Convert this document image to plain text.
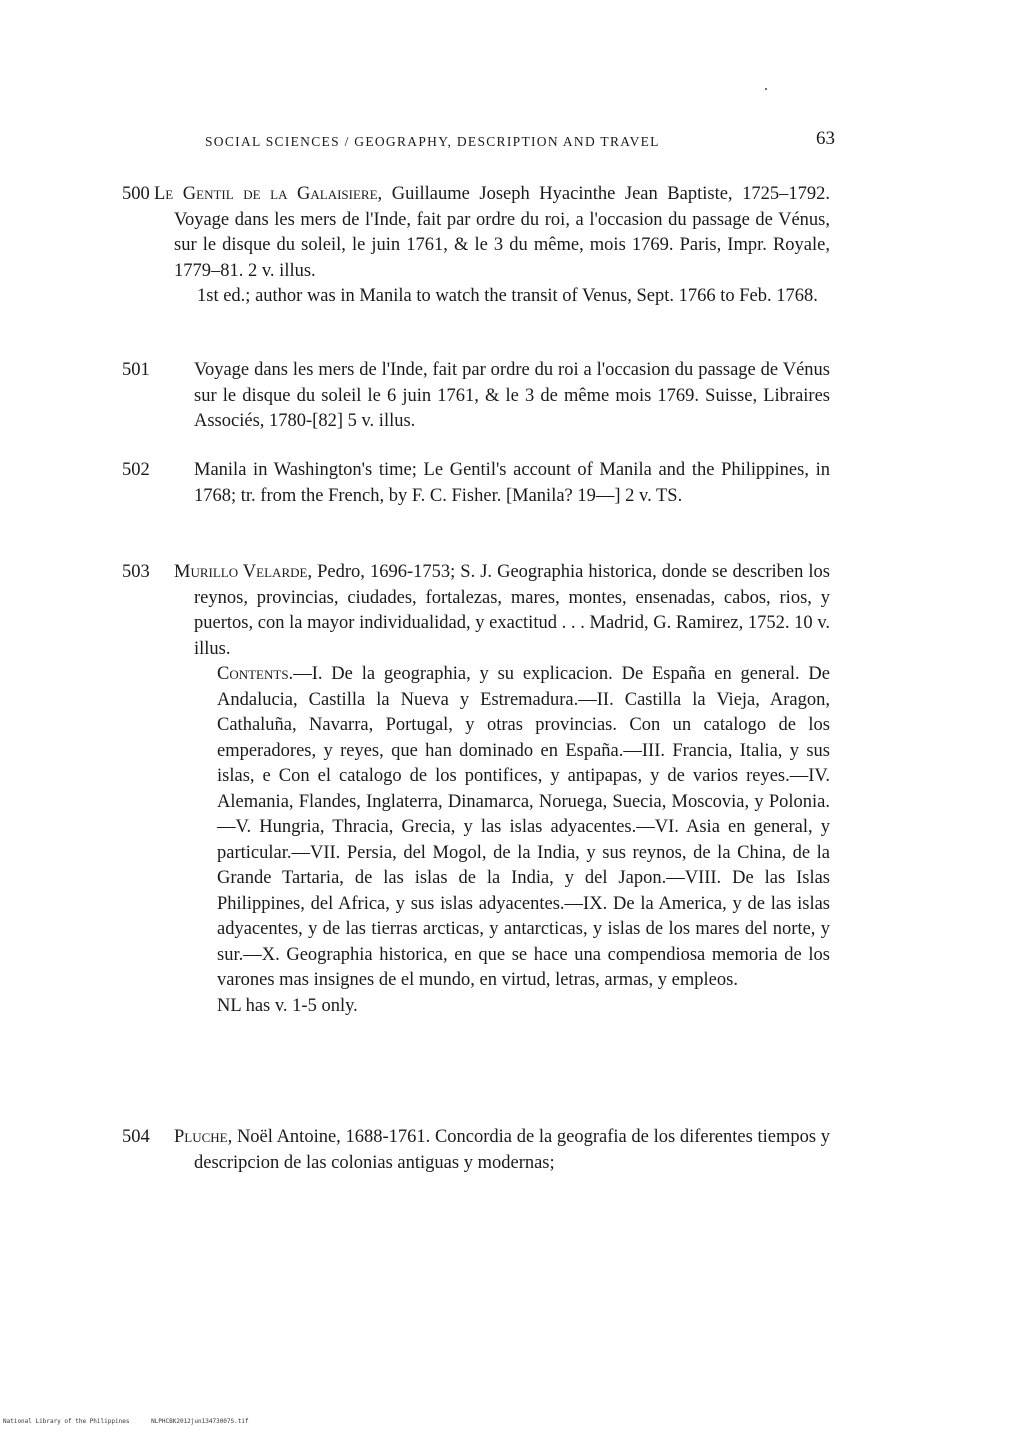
SOCIAL SCIENCES / GEOGRAPHY, DESCRIPTION AND TRAVEL	63
500 Le Gentil de la Galaisiere, Guillaume Joseph Hyacinthe Jean Baptiste, 1725–1792. Voyage dans les mers de l'Inde, fait par ordre du roi, a l'occasion du passage de Vénus, sur le disque du soleil, le juin 1761, & le 3 du même, mois 1769. Paris, Impr. Royale, 1779–81. 2 v. illus.

1st ed.; author was in Manila to watch the transit of Venus, Sept. 1766 to Feb. 1768.

501 Voyage dans les mers de l'Inde, fait par ordre du roi a l'occasion du passage de Vénus sur le disque du soleil le 6 juin 1761, & le 3 de même mois 1769. Suisse, Libraires Associés, 1780-[82] 5 v. illus.

502 Manila in Washington's time; Le Gentil's account of Manila and the Philippines, in 1768; tr. from the French, by F. C. Fisher. [Manila? 19—] 2 v. TS.

503 Murillo Velarde, Pedro, 1696-1753; S. J. Geographia historica, donde se describen los reynos, provincias, ciudades, fortalezas, mares, montes, ensenadas, cabos, rios, y puertos, con la mayor individualidad, y exactitud . . . Madrid, G. Ramirez, 1752. 10 v. illus.

Contents.—I. De la geographia, y su explicacion. De España en general. De Andalucia, Castilla la Nueva y Estremadura.—II. Castilla la Vieja, Aragon, Cathaluña, Navarra, Portugal, y otras provincias. Con un catalogo de los emperadores, y reyes, que han dominado en España.—III. Francia, Italia, y sus islas, e Con el catalogo de los pontifices, y antipapas, y de varios reyes.—IV. Alemania, Flandes, Inglaterra, Dinamarca, Noruega, Suecia, Moscovia, y Polonia.—V. Hungria, Thracia, Grecia, y las islas adyacentes.—VI. Asia en general, y particular.—VII. Persia, del Mogol, de la India, y sus reynos, de la China, de la Grande Tartaria, de las islas de la India, y del Japon.—VIII. De las Islas Philippines, del Africa, y sus islas adyacentes.—IX. De la America, y de las islas adyacentes, y de las tierras arcticas, y antarcticas, y islas de los mares del norte, y sur.—X. Geographia historica, en que se hace una compendiosa memoria de los varones mas insignes de el mundo, en virtud, letras, armas, y empleos.

NL has v. 1-5 only.

504 Pluche, Noël Antoine, 1688-1761. Concordia de la geografia de los diferentes tiempos y descripcion de las colonias antiguas y modernas;

National Library of the Philippines	NLPHCBK2012jun13473007S.tif
